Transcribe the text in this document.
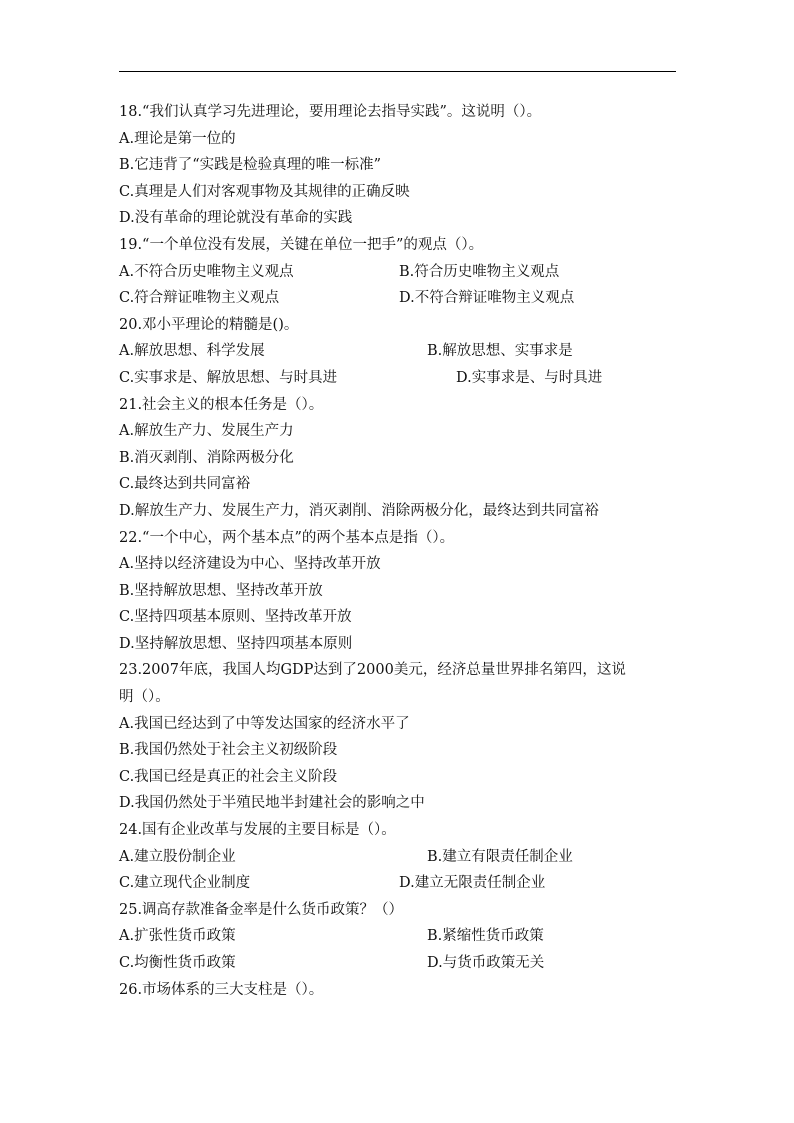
18.“我们认真学习先进理论，要用理论去指导实践”。这说明（）。
A.理论是第一位的
B.它违背了“实践是检验真理的唯一标准”
C.真理是人们对客观事物及其规律的正确反映
D.没有革命的理论就没有革命的实践
19.“一个单位没有发展，关键在单位一把手”的观点（）。
A.不符合历史唯物主义观点	B.符合历史唯物主义观点
C.符合辩证唯物主义观点	D.不符合辩证唯物主义观点
20.邓小平理论的精髓是()。
A.解放思想、科学发展	B.解放思想、实事求是
C.实事求是、解放思想、与时具进	D.实事求是、与时具进
21.社会主义的根本任务是（）。
A.解放生产力、发展生产力
B.消灭剥削、消除两极分化
C.最终达到共同富裕
D.解放生产力、发展生产力，消灭剥削、消除两极分化，最终达到共同富裕
22.“一个中心，两个基本点”的两个基本点是指（）。
A.坚持以经济建设为中心、坚持改革开放
B.坚持解放思想、坚持改革开放
C.坚持四项基本原则、坚持改革开放
D.坚持解放思想、坚持四项基本原则
23.2007年底，我国人均GDP达到了2000美元，经济总量世界排名第四，这说
明（）。
A.我国已经达到了中等发达国家的经济水平了
B.我国仍然处于社会主义初级阶段
C.我国已经是真正的社会主义阶段
D.我国仍然处于半殖民地半封建社会的影响之中
24.国有企业改革与发展的主要目标是（）。
A.建立股份制企业	B.建立有限责任制企业
C.建立现代企业制度	D.建立无限责任制企业
25.调高存款准备金率是什么货币政策？（）
A.扩张性货币政策	B.紧缩性货币政策
C.均衡性货币政策	D.与货币政策无关
26.市场体系的三大支柱是（）。
